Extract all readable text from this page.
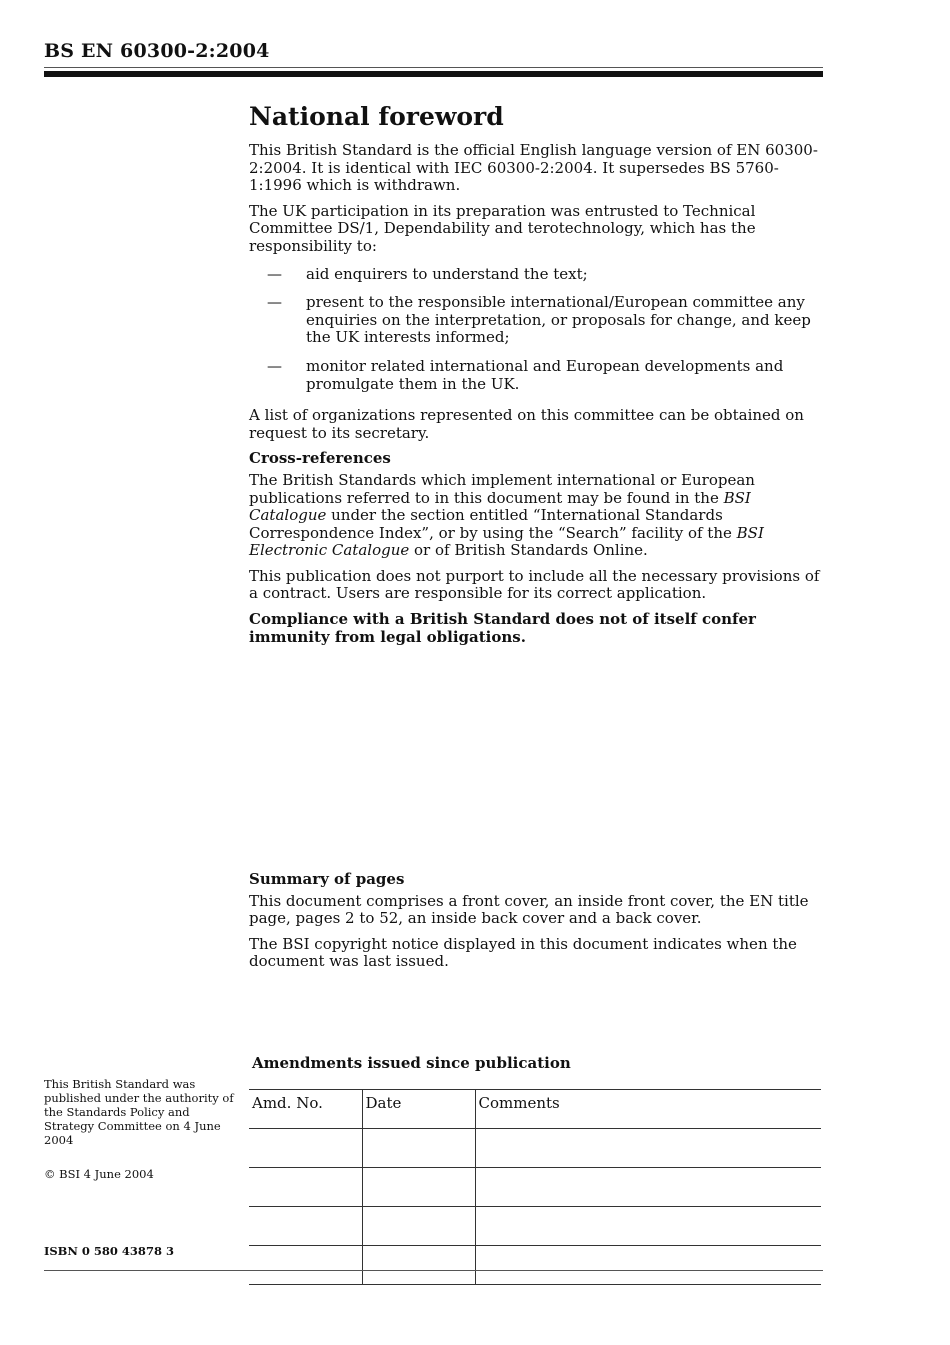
BS EN 60300-2:2004
National foreword

This British Standard is the official English language version of EN 60300-2:2004. It is identical with IEC 60300-2:2004. It supersedes BS 5760-1:1996 which is withdrawn.

The UK participation in its preparation was entrusted to Technical Committee DS/1, Dependability and terotechnology, which has the responsibility to:

— aid enquirers to understand the text;
— present to the responsible international/European committee any enquiries on the interpretation, or proposals for change, and keep the UK interests informed;
— monitor related international and European developments and promulgate them in the UK.

A list of organizations represented on this committee can be obtained on request to its secretary.

Cross-references

The British Standards which implement international or European publications referred to in this document may be found in the BSI Catalogue under the section entitled “International Standards Correspondence Index”, or by using the “Search” facility of the BSI Electronic Catalogue or of British Standards Online.

This publication does not purport to include all the necessary provisions of a contract. Users are responsible for its correct application.

Compliance with a British Standard does not of itself confer immunity from legal obligations.

Summary of pages

This document comprises a front cover, an inside front cover, the EN title page, pages 2 to 52, an inside back cover and a back cover.

The BSI copyright notice displayed in this document indicates when the document was last issued.

This British Standard was published under the authority of the Standards Policy and Strategy Committee on 4 June 2004

© BSI 4 June 2004

ISBN 0 580 43878 3
Amendments issued since publication
Amd. No.	Date	Comments
